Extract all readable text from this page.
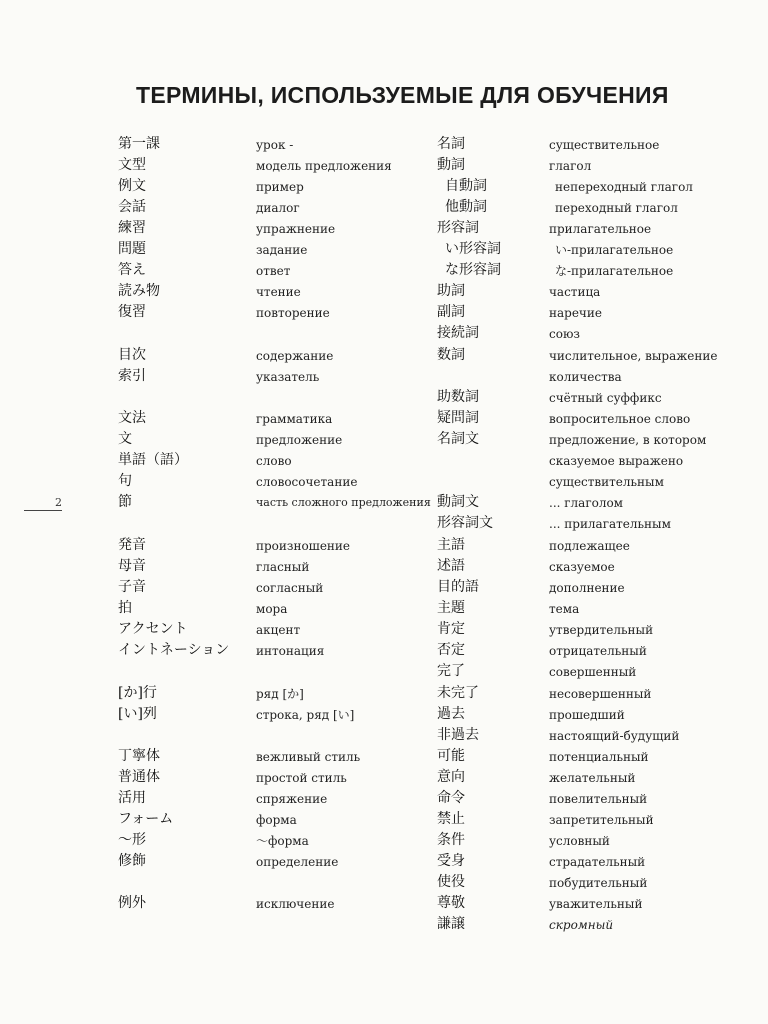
ТЕРМИНЫ, ИСПОЛЬЗУЕМЫЕ ДЛЯ ОБУЧЕНИЯ
第一課	урок -
文型	модель предложения
例文	пример
会話	диалог
練習	упражнение
問題	задание
答え	ответ
読み物	чтение
復習	повторение
目次	содержание
索引	указатель
文法	грамматика
文	предложение
単語（語）	слово
句	словосочетание
節	часть сложного предложения
発音	произношение
母音	гласный
子音	согласный
拍	мора
アクセント	акцент
イントネーション интонация
[か]行	ряд [か]
[い]列	строка, ряд [い]
丁寧体	вежливый стиль
普通体	простой стиль
活用	спряжение
フォーム	форма
～形	～форма
修飾	определение
例外	исключение
名詞	существительное
動詞	глагол
自動詞	непереходный глагол
他動詞	переходный глагол
形容詞	прилагательное
い形容詞	い-прилагательное
な形容詞	な-прилагательное
助詞	частица
副詞	наречие
接続詞	союз
数詞	числительное, выражение
количества
助数詞	счётный суффикс
疑問詞	вопросительное слово
名詞文	предложение, в котором
сказуемое выражено
существительным
動詞文	... глаголом
形容詞文	... прилагательным
主語	подлежащее
述語	сказуемое
目的語	дополнение
主題	тема
肯定	утвердительный
否定	отрицательный
完了	совершенный
未完了	несовершенный
過去	прошедший
非過去	настоящий-будущий
可能	потенциальный
意向	желательный
命令	повелительный
禁止	запретительный
条件	условный
受身	страдательный
使役	побудительный
尊敬	уважительный
謙譲	скромный
2
